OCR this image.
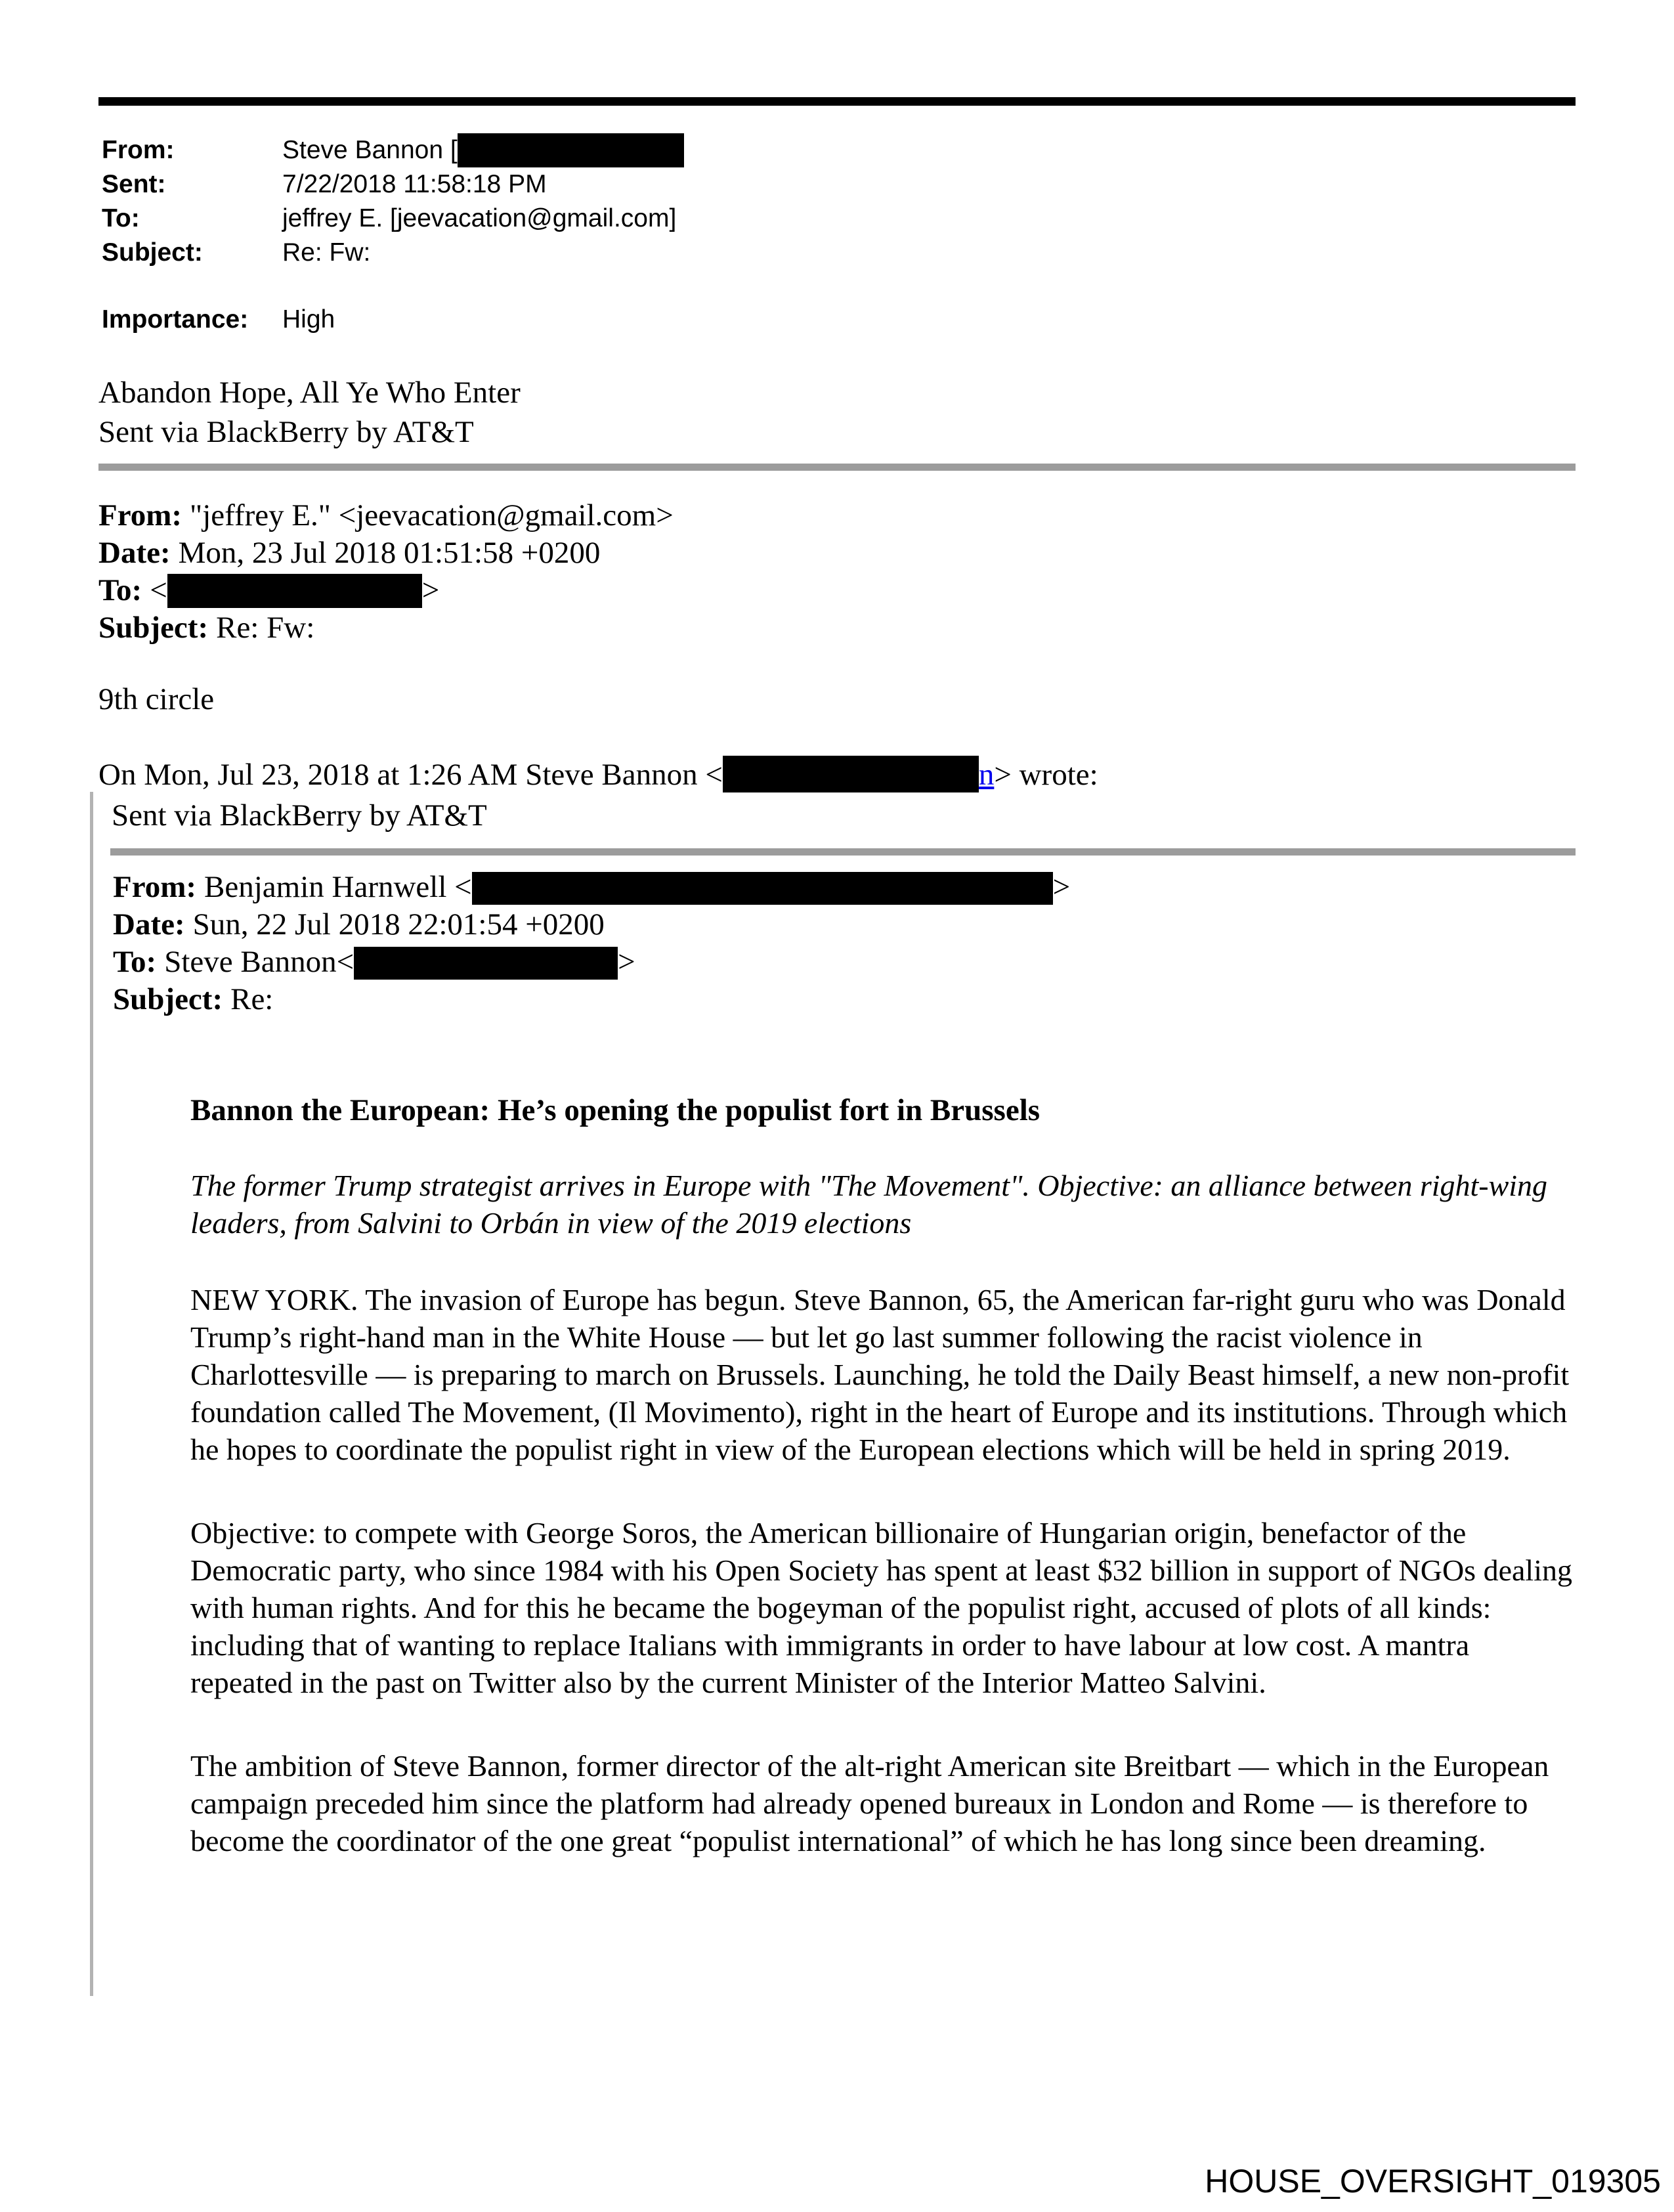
From:	Steve Bannon [
Sent:	7/22/2018 11:58:18 PM
To:	jeffrey E. [jeevacation@gmail.com]
Subject:	Re: Fw:
Importance:	High
Abandon Hope, All Ye Who Enter
Sent via BlackBerry by AT&T
From: "jeffrey E." <jeevacation@gmail.com>
Date: Mon, 23 Jul 2018 01:51:58 +0200
To: <	>
Subject: Re: Fw:
9th circle
On Mon, Jul 23, 2018 at 1:26 AM Steve Bannon <	n> wrote:
Sent via BlackBerry by AT&T
From: Benjamin Harnwell <	>
Date: Sun, 22 Jul 2018 22:01:54 +0200
To: Steve Bannon<	>
Subject: Re:

Bannon the European: He’s opening the populist fort in Brussels

The former Trump strategist arrives in Europe with "The Movement". Objective: an alliance between right-wing leaders, from Salvini to Orbán in view of the 2019 elections

NEW YORK. The invasion of Europe has begun. Steve Bannon, 65, the American far-right guru who was Donald Trump’s right-hand man in the White House — but let go last summer following the racist violence in Charlottesville — is preparing to march on Brussels. Launching, he told the Daily Beast himself, a new non-profit foundation called The Movement, (Il Movimento), right in the heart of Europe and its institutions. Through which he hopes to coordinate the populist right in view of the European elections which will be held in spring 2019.

Objective: to compete with George Soros, the American billionaire of Hungarian origin, benefactor of the Democratic party, who since 1984 with his Open Society has spent at least $32 billion in support of NGOs dealing with human rights. And for this he became the bogeyman of the populist right, accused of plots of all kinds: including that of wanting to replace Italians with immigrants in order to have labour at low cost. A mantra repeated in the past on Twitter also by the current Minister of the Interior Matteo Salvini.

The ambition of Steve Bannon, former director of the alt-right American site Breitbart — which in the European campaign preceded him since the platform had already opened bureaux in London and Rome — is therefore to become the coordinator of the one great “populist international” of which he has long since been dreaming.

HOUSE_OVERSIGHT_019305
